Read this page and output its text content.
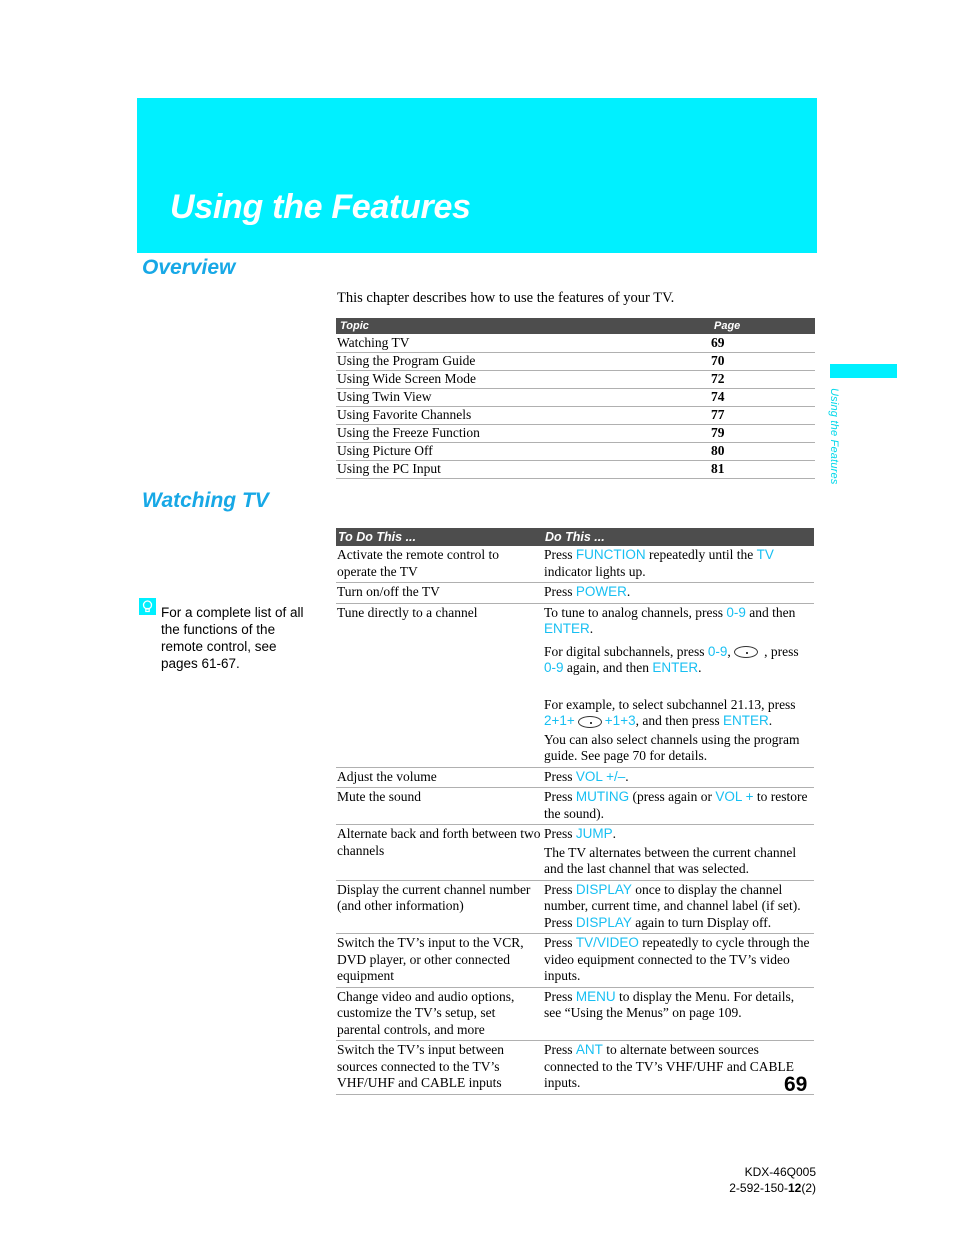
Using the Features
Using the Features
Overview
This chapter describes how to use the features of your TV.
Topic	Page
Watching TV	69
Using the Program Guide	70
Using Wide Screen Mode	72
Using Twin View	74
Using Favorite Channels	77
Using the Freeze Function	79
Using Picture Off	80
Using the PC Input	81
Watching TV
For a complete list of all the functions of the remote control, see pages 61-67.
To Do This ...	Do This ...
Activate the remote control to operate the TV	Press FUNCTION repeatedly until the TV indicator lights up.
Turn on/off the TV	Press POWER.
Tune directly to a channel	To tune to analog channels, press 0-9 and then ENTER.

For digital subchannels, press 0-9, , press 0-9 again, and then ENTER.

For example, to select subchannel 21.13, press 2+1+ +1+3, and then press ENTER.

You can also select channels using the program guide. See page 70 for details.

Adjust the volume	Press VOL +/–.
Mute the sound	Press MUTING (press again or VOL + to restore the sound).
Alternate back and forth between two channels	Press JUMP.

The TV alternates between the current channel and the last channel that was selected.

Display the current channel number (and other information)	Press DISPLAY once to display the channel number, current time, and channel label (if set). Press DISPLAY again to turn Display off.
Switch the TV’s input to the VCR, DVD player, or other connected equipment	Press TV/VIDEO repeatedly to cycle through the video equipment connected to the TV’s video inputs.
Change video and audio options, customize the TV’s setup, set parental controls, and more	Press MENU to display the Menu. For details, see “Using the Menus” on page 109.
Switch the TV’s input between sources connected to the TV’s VHF/UHF and CABLE inputs	Press ANT to alternate between sources connected to the TV’s VHF/UHF and CABLE inputs.	69
KDX-46Q005
2-592-150-12(2)
